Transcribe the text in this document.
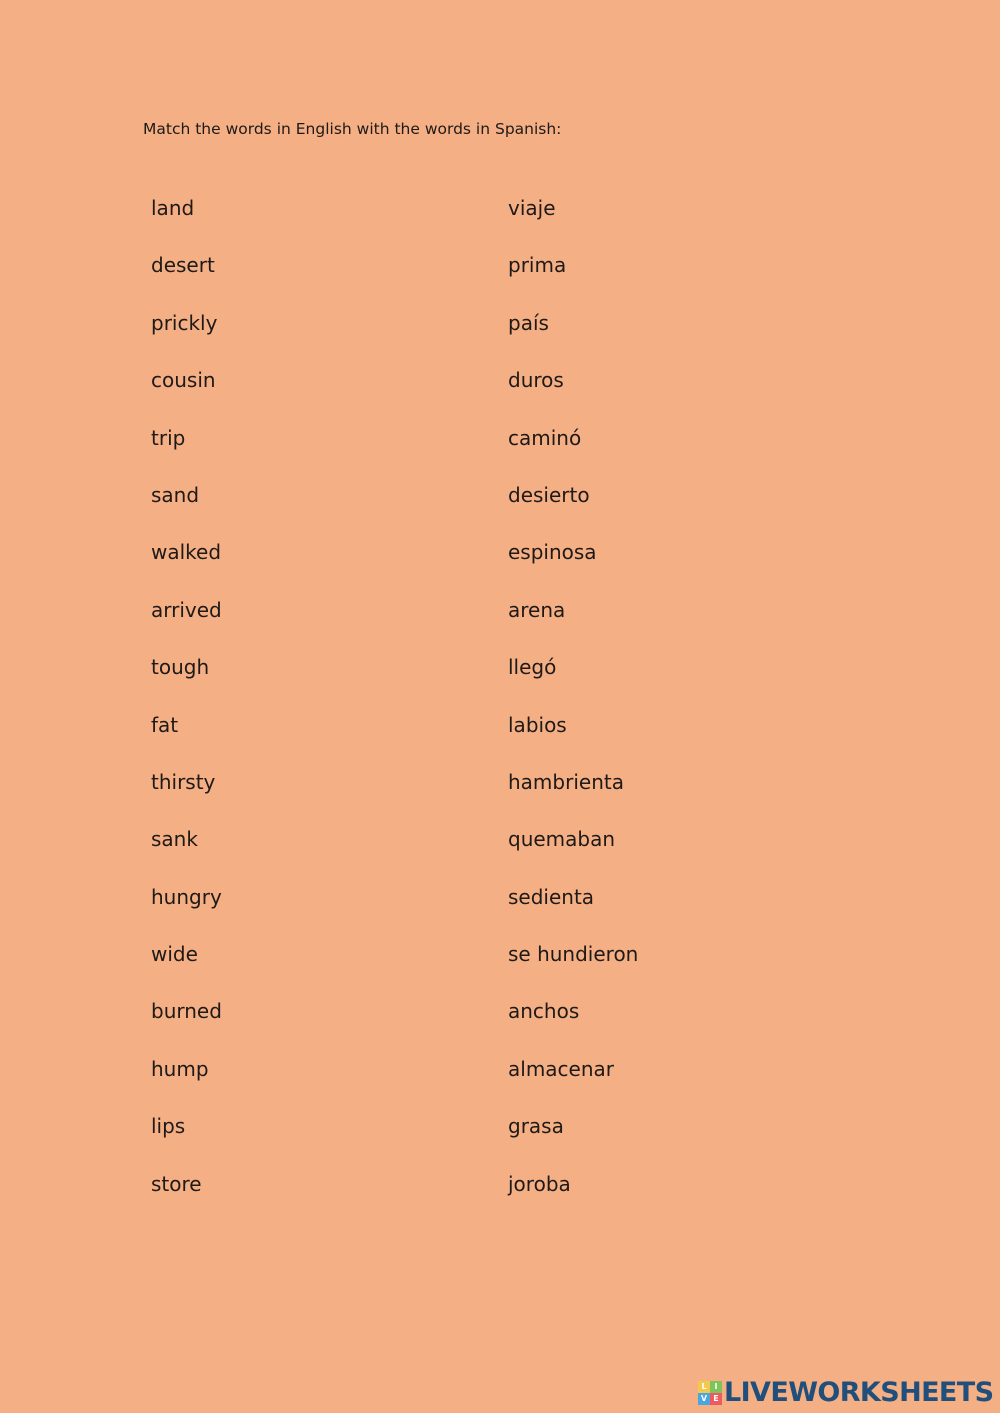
Match the words in English with the words in Spanish:
land
desert
prickly
cousin
trip
sand
walked
arrived
tough
fat
thirsty
sank
hungry
wide
burned
hump
lips
store
viaje
prima
país
duros
caminó
desierto
espinosa
arena
llegó
labios
hambrienta
quemaban
sedienta
se hundieron
anchos
almacenar
grasa
joroba
L I
V E LIVEWORKSHEETS
